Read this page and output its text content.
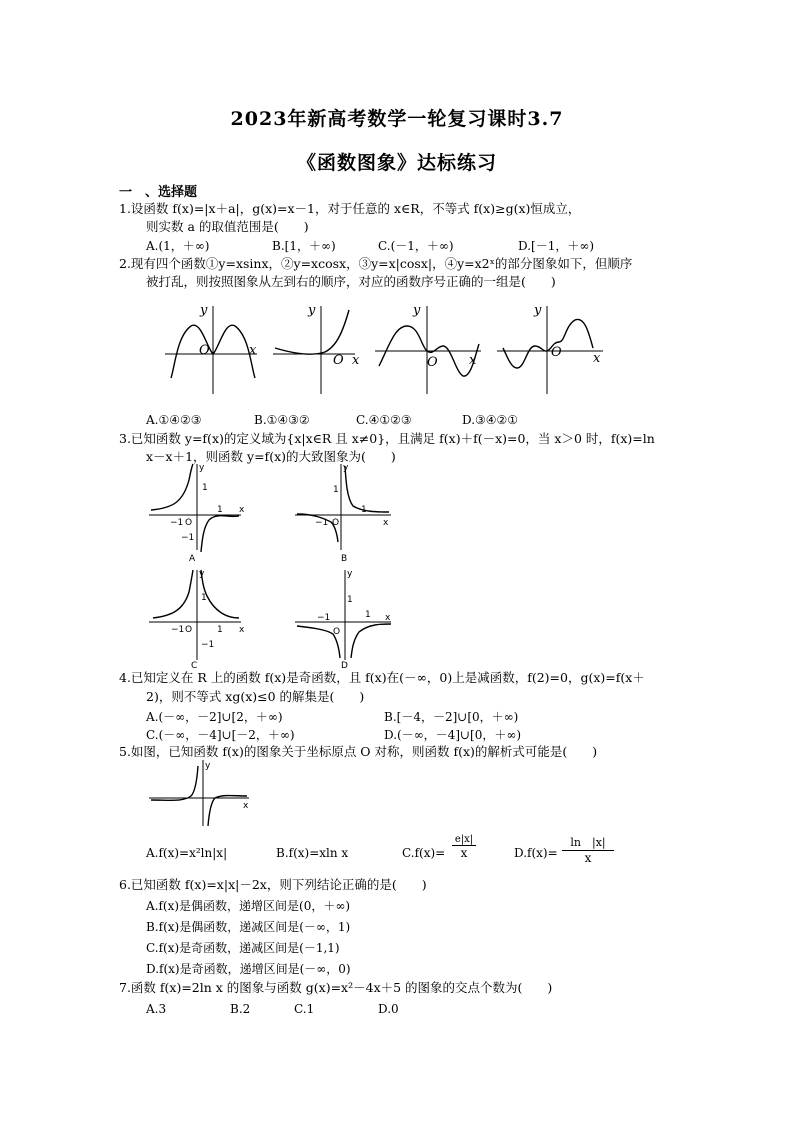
2023年新高考数学一轮复习课时3.7
《函数图象》达标练习
一　、选择题
1.设函数 f(x)=|x＋a|，g(x)=x－1，对于任意的 x∈R，不等式 f(x)≥g(x)恒成立，
则实数 a 的取值范围是(　　)
A.(1，＋∞)	B.[1，＋∞)	C.(－1，＋∞)	D.[－1，＋∞)
2.现有四个函数①y=xsinx，②y=xcosx，③y=x|cosx|，④y=x2ˣ的部分图象如下，但顺序
被打乱，则按照图象从左到右的顺序，对应的函数序号正确的一组是(　　)
y
O	x
y
O x
y
O x
y
O x
A.①④②③	B.①④③②	C.④①②③	D.③④②①
3.已知函数 y=f(x)的定义域为{x|x∈R 且 x≠0}，且满足 f(x)＋f(－x)=0，当 x＞0 时，f(x)=ln
x－x＋1，则函数 y=f(x)的大致图象为(　　)
y
1
−1 O
1 x
−1
A
y
1
−1 O
1
x
B
y
1
−1 O	1 x
−1
C
y
1
−1
O
1 x
D
4.已知定义在 R 上的函数 f(x)是奇函数，且 f(x)在(－∞，0)上是减函数，f(2)=0，g(x)=f(x＋
2)，则不等式 xg(x)≤0 的解集是(　　)
A.(－∞，－2]∪[2，＋∞)	B.[－4，－2]∪[0，＋∞)
C.(－∞，－4]∪[－2，＋∞)	D.(－∞，－4]∪[0，＋∞)
5.如图，已知函数 f(x)的图象关于坐标原点 O 对称，则函数 f(x)的解析式可能是(　　)
y
x
A.f(x)=x²ln|x|	B.f(x)=xln x	C.f(x)=
e|x|
x	$D.f(x)= \frac{\ln |x|}{x}$
6.已知函数 f(x)=x|x|－2x，则下列结论正确的是(　　)
A.f(x)是偶函数，递增区间是(0，＋∞)
B.f(x)是偶函数，递减区间是(－∞，1)
C.f(x)是奇函数，递减区间是(－1,1)
D.f(x)是奇函数，递增区间是(－∞，0)
7.函数 f(x)=2ln x 的图象与函数 g(x)=x²－4x＋5 的图象的交点个数为(　　)
A.3	B.2	C.1	D.0
